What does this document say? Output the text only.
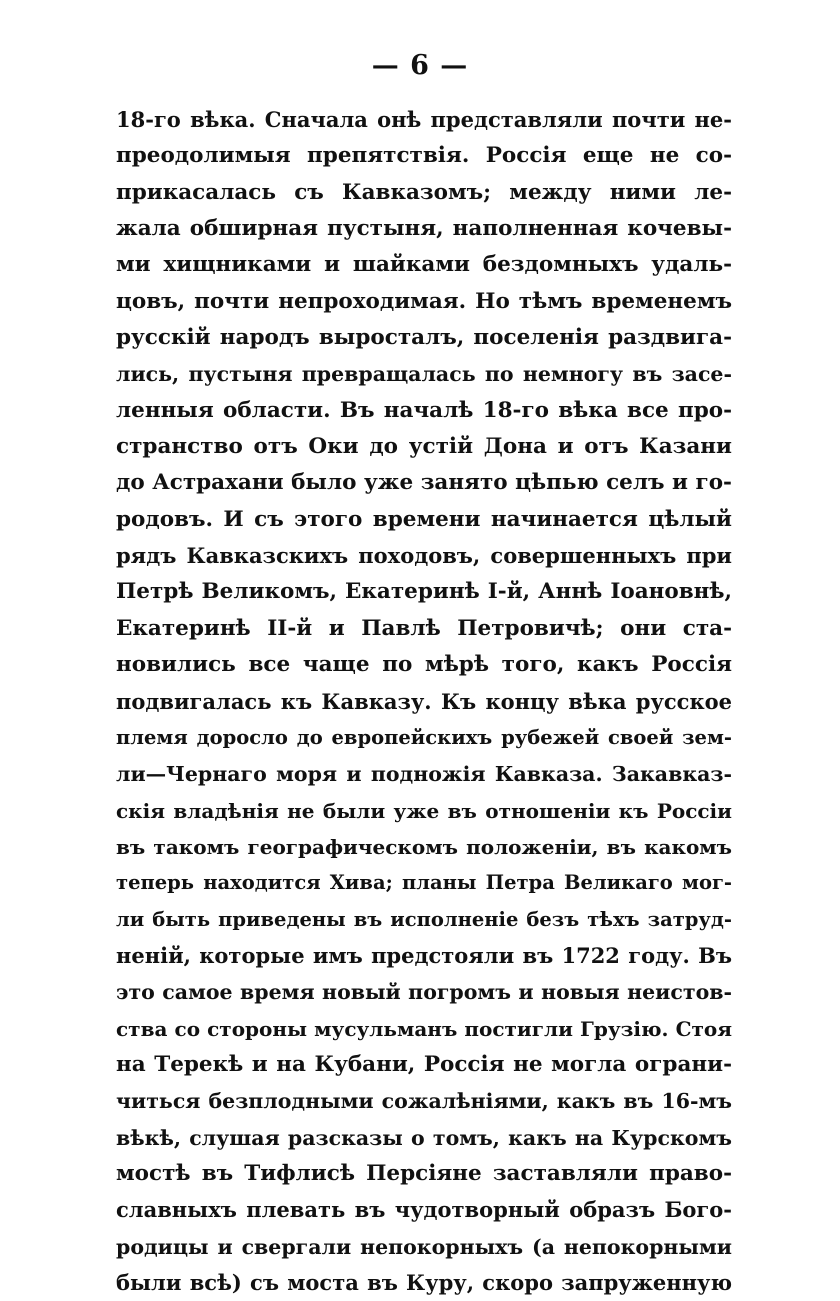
— 6 —
18-го вѣка. Сначала онѣ представляли почти не-
преодолимыя препятствія. Россія еще не со-
прикасалась съ Кавказомъ; между ними ле-
жала обширная пустыня, наполненная кочевы-
ми хищниками и шайками бездомныхъ удаль-
цовъ, почти непроходимая. Но тѣмъ временемъ
русскій народъ выросталъ, поселенія раздвига-
лись, пустыня превращалась по немногу въ засе-
ленныя области. Въ началѣ 18-го вѣка все про-
странство отъ Оки до устій Дона и отъ Казани
до Астрахани было уже занято цѣпью селъ и го-
родовъ. И съ этого времени начинается цѣлый
рядъ Кавказскихъ походовъ, совершенныхъ при
Петрѣ Великомъ, Екатеринѣ І-й, Аннѣ Іоановнѣ,
Екатеринѣ ІІ-й и Павлѣ Петровичѣ; они ста-
новились все чаще по мѣрѣ того, какъ Россія
подвигалась къ Кавказу. Къ концу вѣка русское
племя доросло до европейскихъ рубежей своей зем-
ли—Чернаго моря и подножія Кавказа. Закавказ-
скія владѣнія не были уже въ отношеніи къ Россіи
въ такомъ географическомъ положеніи, въ какомъ
теперь находится Хива; планы Петра Великаго мог-
ли быть приведены въ исполненіе безъ тѣхъ затруд-
неній, которые имъ предстояли въ 1722 году. Въ
это самое время новый погромъ и новыя неистов-
ства со стороны мусульманъ постигли Грузію. Стоя
на Терекѣ и на Кубани, Россія не могла ограни-
читься безплодными сожалѣніями, какъ въ 16-мъ
вѣкѣ, слушая разсказы о томъ, какъ на Курскомъ
мостѣ въ Тифлисѣ Персіяне заставляли право-
славныхъ плевать въ чудотворный образъ Бого-
родицы и свергали непокорныхъ (а непокорными
были всѣ) съ моста въ Куру, скоро запруженную
